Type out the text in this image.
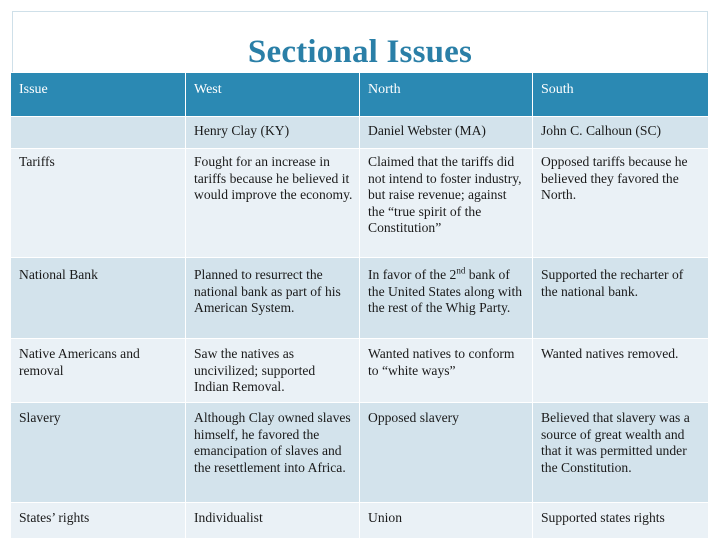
Sectional Issues
Issue	West	North	South
	Henry Clay (KY)	Daniel Webster (MA)	John C. Calhoun (SC)
Tariffs	Fought for an increase in tariffs because he believed it would improve the economy.	Claimed that the tariffs did not intend to foster industry, but raise revenue; against the “true spirit of the Constitution”	Opposed tariffs because he believed they favored the North.
National Bank	Planned to resurrect the national bank as part of his American System.	In favor of the 2nd bank of the United States along with the rest of the Whig Party.	Supported the recharter of the national bank.
Native Americans and removal	Saw the natives as uncivilized; supported Indian Removal.	Wanted natives to conform to “white ways”	Wanted natives removed.
Slavery	Although Clay owned slaves himself, he favored the emancipation of slaves and the resettlement into Africa.	Opposed slavery	Believed that slavery was a source of great wealth and that it was permitted under the Constitution.
States’ rights	Individualist	Union	Supported states rights
